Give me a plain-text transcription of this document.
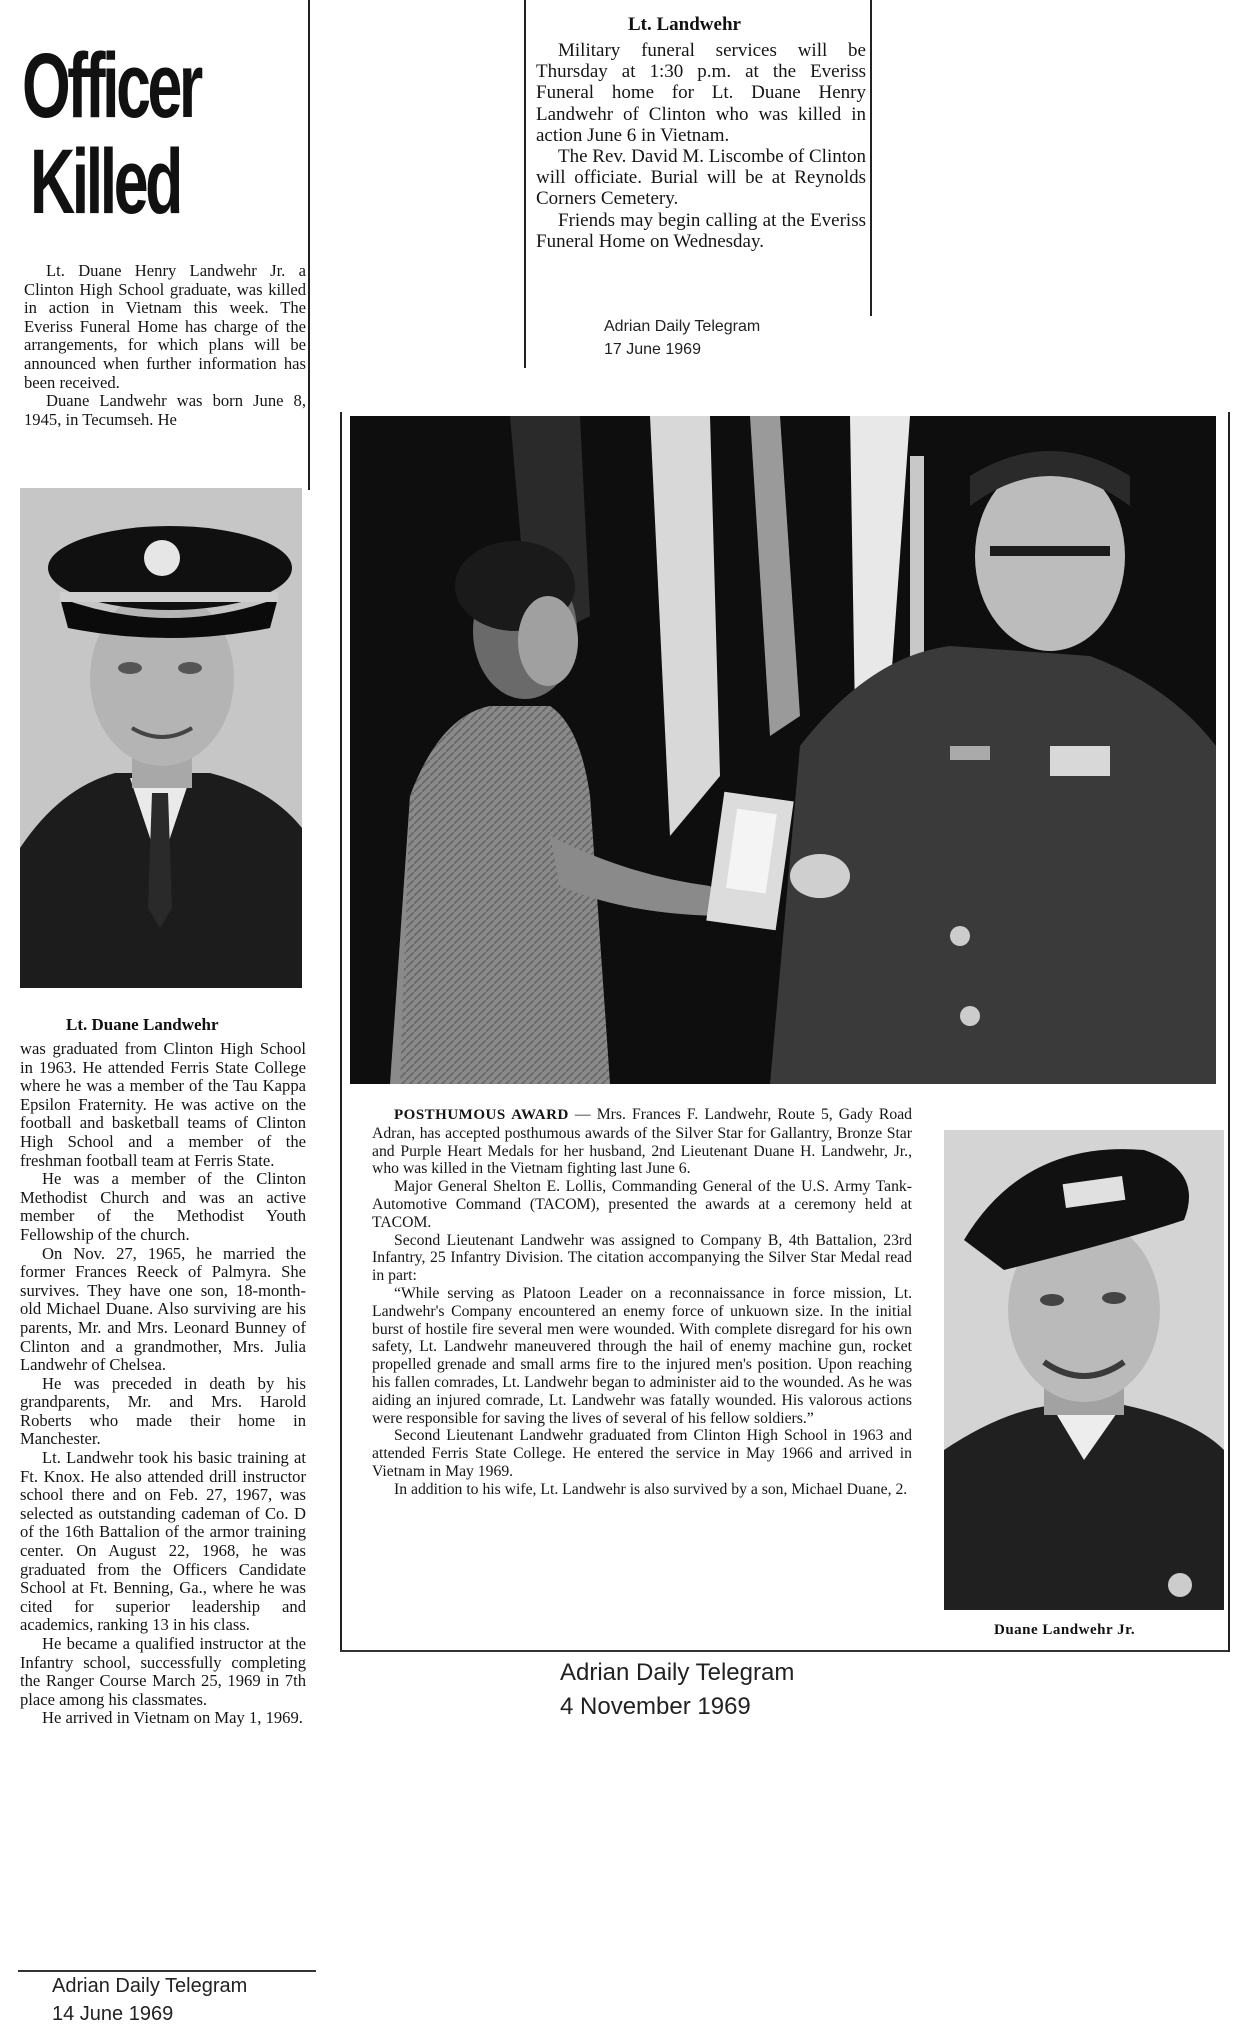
Officer
Killed

Lt. Duane Henry Landwehr Jr. a Clinton High School graduate, was killed in action in Vietnam this week. The Everiss Funeral Home has charge of the arrangements, for which plans will be announced when further information has been received.

Duane Landwehr was born June 8, 1945, in Tecumseh. He

Lt. Duane Landwehr

was graduated from Clinton High School in 1963. He attended Ferris State College where he was a member of the Tau Kappa Epsilon Fraternity. He was active on the football and basketball teams of Clinton High School and a member of the freshman football team at Ferris State.

He was a member of the Clinton Methodist Church and was an active member of the Methodist Youth Fellowship of the church.

On Nov. 27, 1965, he married the former Frances Reeck of Palmyra. She survives. They have one son, 18-month-old Michael Duane. Also surviving are his parents, Mr. and Mrs. Leonard Bunney of Clinton and a grandmother, Mrs. Julia Landwehr of Chelsea.

He was preceded in death by his grandparents, Mr. and Mrs. Harold Roberts who made their home in Manchester.

Lt. Landwehr took his basic training at Ft. Knox. He also attended drill instructor school there and on Feb. 27, 1967, was selected as outstanding cademan of Co. D of the 16th Battalion of the armor training center. On August 22, 1968, he was graduated from the Officers Candidate School at Ft. Benning, Ga., where he was cited for superior leadership and academics, ranking 13 in his class.

He became a qualified instructor at the Infantry school, successfully completing the Ranger Course March 25, 1969 in 7th place among his classmates.

He arrived in Vietnam on May 1, 1969.

Adrian Daily Telegram
14 June 1969
Lt. Landwehr

Military funeral services will be Thursday at 1:30 p.m. at the Everiss Funeral home for Lt. Duane Henry Landwehr of Clinton who was killed in action June 6 in Vietnam.

The Rev. David M. Liscombe of Clinton will officiate. Burial will be at Reynolds Corners Cemetery.

Friends may begin calling at the Everiss Funeral Home on Wednesday.

Adrian Daily Telegram
17 June 1969

POSTHUMOUS AWARD — Mrs. Frances F. Landwehr, Route 5, Gady Road Adran, has accepted posthumous awards of the Silver Star for Gallantry, Bronze Star and Purple Heart Medals for her husband, 2nd Lieutenant Duane H. Landwehr, Jr., who was killed in the Vietnam fighting last June 6.

Major General Shelton E. Lollis, Commanding General of the U.S. Army Tank-Automotive Command (TACOM), presented the awards at a ceremony held at TACOM.

Second Lieutenant Landwehr was assigned to Company B, 4th Battalion, 23rd Infantry, 25 Infantry Division. The citation accompanying the Silver Star Medal read in part:

“While serving as Platoon Leader on a reconnaissance in force mission, Lt. Landwehr's Company encountered an enemy force of unkuown size. In the initial burst of hostile fire several men were wounded. With complete disregard for his own safety, Lt. Landwehr maneuvered through the hail of enemy machine gun, rocket propelled grenade and small arms fire to the injured men's position. Upon reaching his fallen comrades, Lt. Landwehr began to administer aid to the wounded. As he was aiding an injured comrade, Lt. Landwehr was fatally wounded. His valorous actions were responsible for saving the lives of several of his fellow soldiers.”

Second Lieutenant Landwehr graduated from Clinton High School in 1963 and attended Ferris State College. He entered the service in May 1966 and arrived in Vietnam in May 1969.

In addition to his wife, Lt. Landwehr is also survived by a son, Michael Duane, 2.

Duane Landwehr Jr.
Adrian Daily Telegram
4 November 1969
